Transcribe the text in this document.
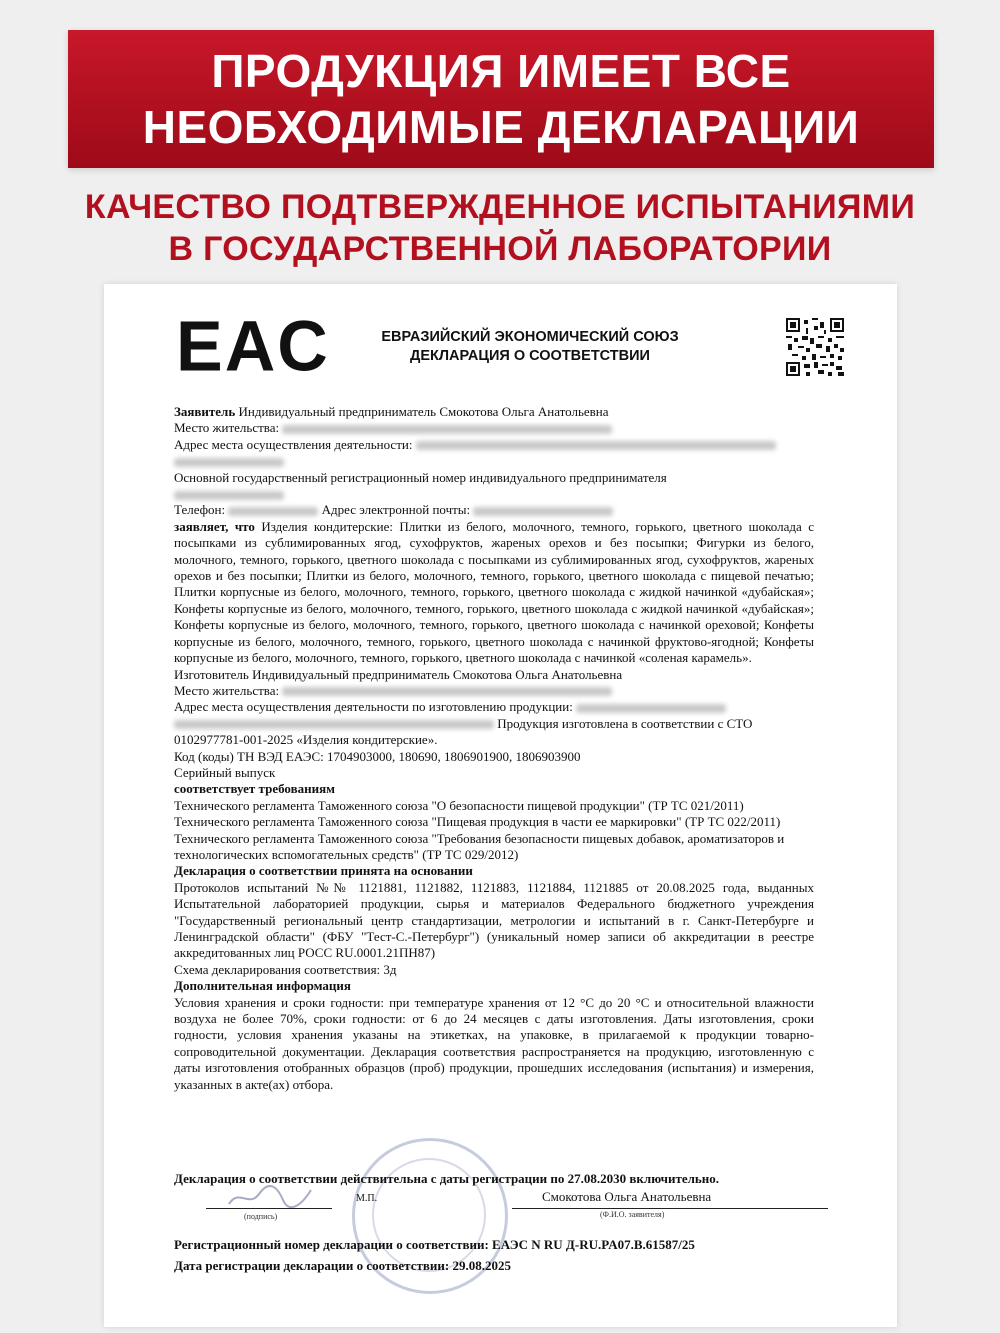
ПРОДУКЦИЯ ИМЕЕТ ВСЕ
НЕОБХОДИМЫЕ ДЕКЛАРАЦИИ
КАЧЕСТВО ПОДТВЕРЖДЕННОЕ ИСПЫТАНИЯМИ
В ГОСУДАРСТВЕННОЙ ЛАБОРАТОРИИ
EAC	ЕВРАЗИЙСКИЙ ЭКОНОМИЧЕСКИЙ СОЮЗ
ДЕКЛАРАЦИЯ О СООТВЕТСТВИИ

Заявитель Индивидуальный предприниматель Смокотова Ольга Анатольевна

Место жительства:

Адрес места осуществления деятельности:

Основной государственный регистрационный номер индивидуального предпринимателя

Телефон:	Адрес электронной почты:

заявляет, что Изделия кондитерские: Плитки из белого, молочного, темного, горького, цветного шоколада с посыпками из сублимированных ягод, сухофруктов, жареных орехов и без посыпки; Фигурки из белого, молочного, темного, горького, цветного шоколада с посыпками из сублимированных ягод, сухофруктов, жареных орехов и без посыпки; Плитки из белого, молочного, темного, горького, цветного шоколада с пищевой печатью; Плитки корпусные из белого, молочного, темного, горького, цветного шоколада с жидкой начинкой «дубайская»; Конфеты корпусные из белого, молочного, темного, горького, цветного шоколада с жидкой начинкой «дубайская»; Конфеты корпусные из белого, молочного, темного, горького, цветного шоколада с начинкой ореховой; Конфеты корпусные из белого, молочного, темного, горького, цветного шоколада с начинкой фруктово-ягодной; Конфеты корпусные из белого, молочного, темного, горького, цветного шоколада с начинкой «соленая карамель».

Изготовитель Индивидуальный предприниматель Смокотова Ольга Анатольевна

Место жительства:

Адрес места осуществления деятельности по изготовлению продукции:
Продукция изготовлена в соответствии с СТО 0102977781-001-2025 «Изделия кондитерские».

Код (коды) ТН ВЭД ЕАЭС: 1704903000, 180690, 1806901900, 1806903900

Серийный выпуск

соответствует требованиям

Технического регламента Таможенного союза "О безопасности пищевой продукции" (ТР ТС 021/2011)

Технического регламента Таможенного союза "Пищевая продукция в части ее маркировки" (ТР ТС 022/2011)

Технического регламента Таможенного союза "Требования безопасности пищевых добавок, ароматизаторов и технологических вспомогательных средств" (ТР ТС 029/2012)

Декларация о соответствии принята на основании

Протоколов испытаний №№ 1121881, 1121882, 1121883, 1121884, 1121885 от 20.08.2025 года, выданных Испытательной лабораторией продукции, сырья и материалов Федерального бюджетного учреждения "Государственный региональный центр стандартизации, метрологии и испытаний в г. Санкт-Петербурге и Ленинградской области" (ФБУ "Тест-С.-Петербург") (уникальный номер записи об аккредитации в реестре аккредитованных лиц РОСС RU.0001.21ПН87)

Схема декларирования соответствия: 3д

Дополнительная информация

Условия хранения и сроки годности: при температуре хранения от 12 °С до 20 °С и относительной влажности воздуха не более 70%, сроки годности: от 6 до 24 месяцев с даты изготовления. Даты изготовления, сроки годности, условия хранения указаны на этикетках, на упаковке, в прилагаемой к продукции товарно-сопроводительной документации. Декларация соответствия распространяется на продукцию, изготовленную с даты изготовления отобранных образцов (проб) продукции, прошедших исследования (испытания) и измерения, указанных в акте(ах) отбора.

Декларация о соответствии действительна с даты регистрации по 27.08.2030 включительно.
(подпись)
М.П.	Смокотова Ольга Анатольевна
(Ф.И.О. заявителя)
Регистрационный номер декларации о соответствии: ЕАЭС N RU Д-RU.PA07.B.61587/25
Дата регистрации декларации о соответствии: 29.08.2025
